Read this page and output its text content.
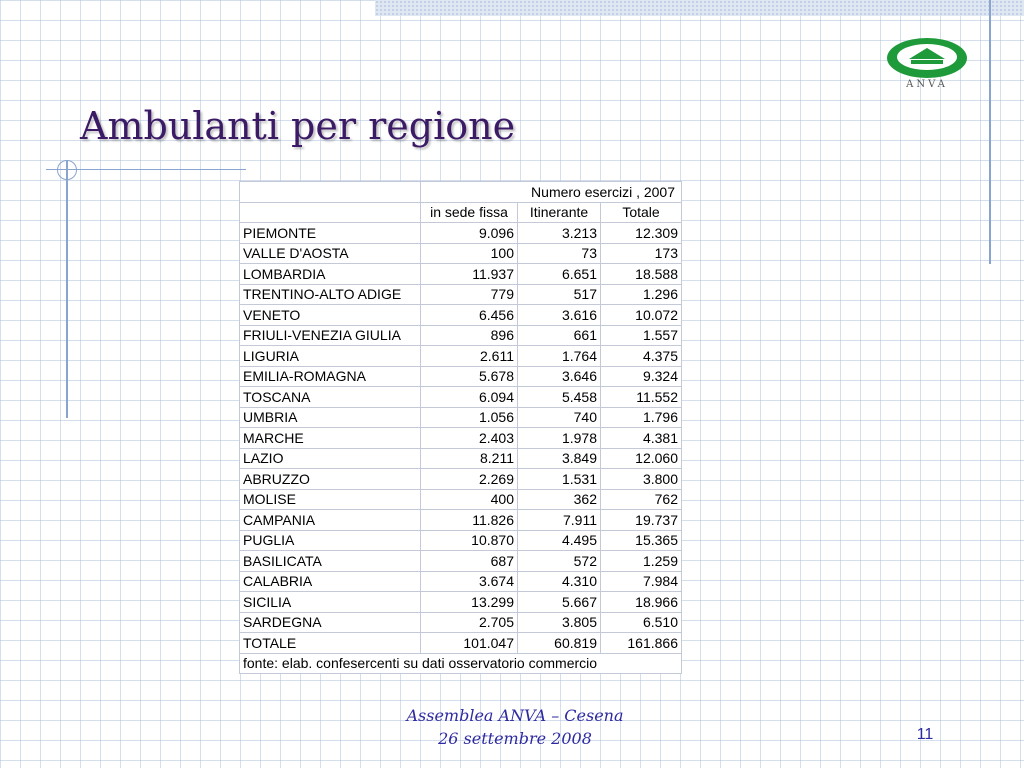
Ambulanti per regione
ANVA
	Numero esercizi , 2007		
	in sede fissa	Itinerante	Totale
PIEMONTE	9.096	3.213	12.309
VALLE D'AOSTA	100	73	173
LOMBARDIA	11.937	6.651	18.588
TRENTINO-ALTO ADIGE	779	517	1.296
VENETO	6.456	3.616	10.072
FRIULI-VENEZIA GIULIA	896	661	1.557
LIGURIA	2.611	1.764	4.375
EMILIA-ROMAGNA	5.678	3.646	9.324
TOSCANA	6.094	5.458	11.552
UMBRIA	1.056	740	1.796
MARCHE	2.403	1.978	4.381
LAZIO	8.211	3.849	12.060
ABRUZZO	2.269	1.531	3.800
MOLISE	400	362	762
CAMPANIA	11.826	7.911	19.737
PUGLIA	10.870	4.495	15.365
BASILICATA	687	572	1.259
CALABRIA	3.674	4.310	7.984
SICILIA	13.299	5.667	18.966
SARDEGNA	2.705	3.805	6.510
TOTALE	101.047	60.819	161.866
fonte: elab. confesercenti su dati osservatorio commercio			
Assemblea ANVA – Cesena
26 settembre 2008	11
